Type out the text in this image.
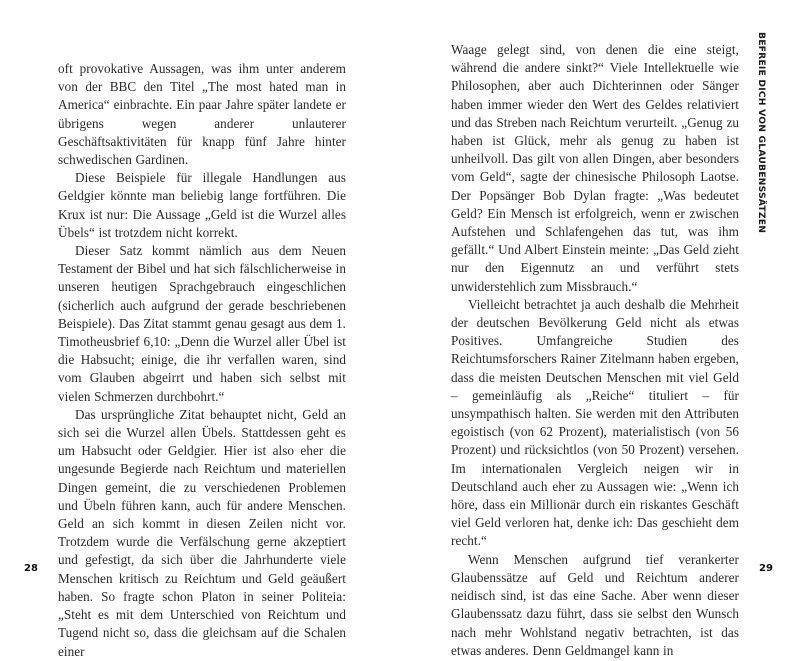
oft provokative Aussagen, was ihm unter anderem von der BBC den Titel „The most hated man in America“ einbrachte. Ein paar Jahre später landete er übrigens wegen anderer unlauterer Geschäftsaktivitäten für knapp fünf Jahre hinter schwedischen Gardinen.

Diese Beispiele für illegale Handlungen aus Geldgier könnte man beliebig lange fortführen. Die Krux ist nur: Die Aussage „Geld ist die Wurzel alles Übels“ ist trotzdem nicht korrekt.

Dieser Satz kommt nämlich aus dem Neuen Testament der Bibel und hat sich fälschlicherweise in unseren heutigen Sprachgebrauch eingeschlichen (sicherlich auch aufgrund der gerade beschriebenen Beispiele). Das Zitat stammt genau gesagt aus dem 1. Timotheusbrief 6,10: „Denn die Wurzel aller Übel ist die Habsucht; einige, die ihr verfallen waren, sind vom Glauben abgeirrt und haben sich selbst mit vielen Schmerzen durchbohrt.“

Das ursprüngliche Zitat behauptet nicht, Geld an sich sei die Wurzel allen Übels. Stattdessen geht es um Habsucht oder Geldgier. Hier ist also eher die ungesunde Begierde nach Reichtum und materiellen Dingen gemeint, die zu verschiedenen Problemen und Übeln führen kann, auch für andere Menschen. Geld an sich kommt in diesen Zeilen nicht vor. Trotzdem wurde die Verfälschung gerne akzeptiert und gefestigt, da sich über die Jahrhunderte viele Menschen kritisch zu Reichtum und Geld geäußert haben. So fragte schon Platon in seiner Politeia: „Steht es mit dem Unterschied von Reichtum und Tugend nicht so, dass die gleichsam auf die Schalen einer

28

Waage gelegt sind, von denen die eine steigt, während die andere sinkt?“ Viele Intellektuelle wie Philosophen, aber auch Dichterinnen oder Sänger haben immer wieder den Wert des Geldes relativiert und das Streben nach Reichtum verurteilt. „Genug zu haben ist Glück, mehr als genug zu haben ist unheilvoll. Das gilt von allen Dingen, aber besonders vom Geld“, sagte der chinesische Philosoph Laotse. Der Popsänger Bob Dylan fragte: „Was bedeutet Geld? Ein Mensch ist erfolgreich, wenn er zwischen Aufstehen und Schlafengehen das tut, was ihm gefällt.“ Und Albert Einstein meinte: „Das Geld zieht nur den Eigennutz an und verführt stets unwiderstehlich zum Missbrauch.“

Vielleicht betrachtet ja auch deshalb die Mehrheit der deutschen Bevölkerung Geld nicht als etwas Positives. Umfangreiche Studien des Reichtumsforschers Rainer Zitelmann haben ergeben, dass die meisten Deutschen Menschen mit viel Geld – gemeinläufig als „Reiche“ tituliert – für unsympathisch halten. Sie werden mit den Attributen egoistisch (von 62 Prozent), materialistisch (von 56 Prozent) und rücksichtlos (von 50 Prozent) versehen. Im internationalen Vergleich neigen wir in Deutschland auch eher zu Aussagen wie: „Wenn ich höre, dass ein Millionär durch ein riskantes Geschäft viel Geld verloren hat, denke ich: Das geschieht dem recht.“

Wenn Menschen aufgrund tief verankerter Glaubenssätze auf Geld und Reichtum anderer neidisch sind, ist das eine Sache. Aber wenn dieser Glaubenssatz dazu führt, dass sie selbst den Wunsch nach mehr Wohlstand negativ betrachten, ist das etwas anderes. Denn Geldmangel kann in

BEFREIE DICH VON GLAUBENSSÄTZEN
29
